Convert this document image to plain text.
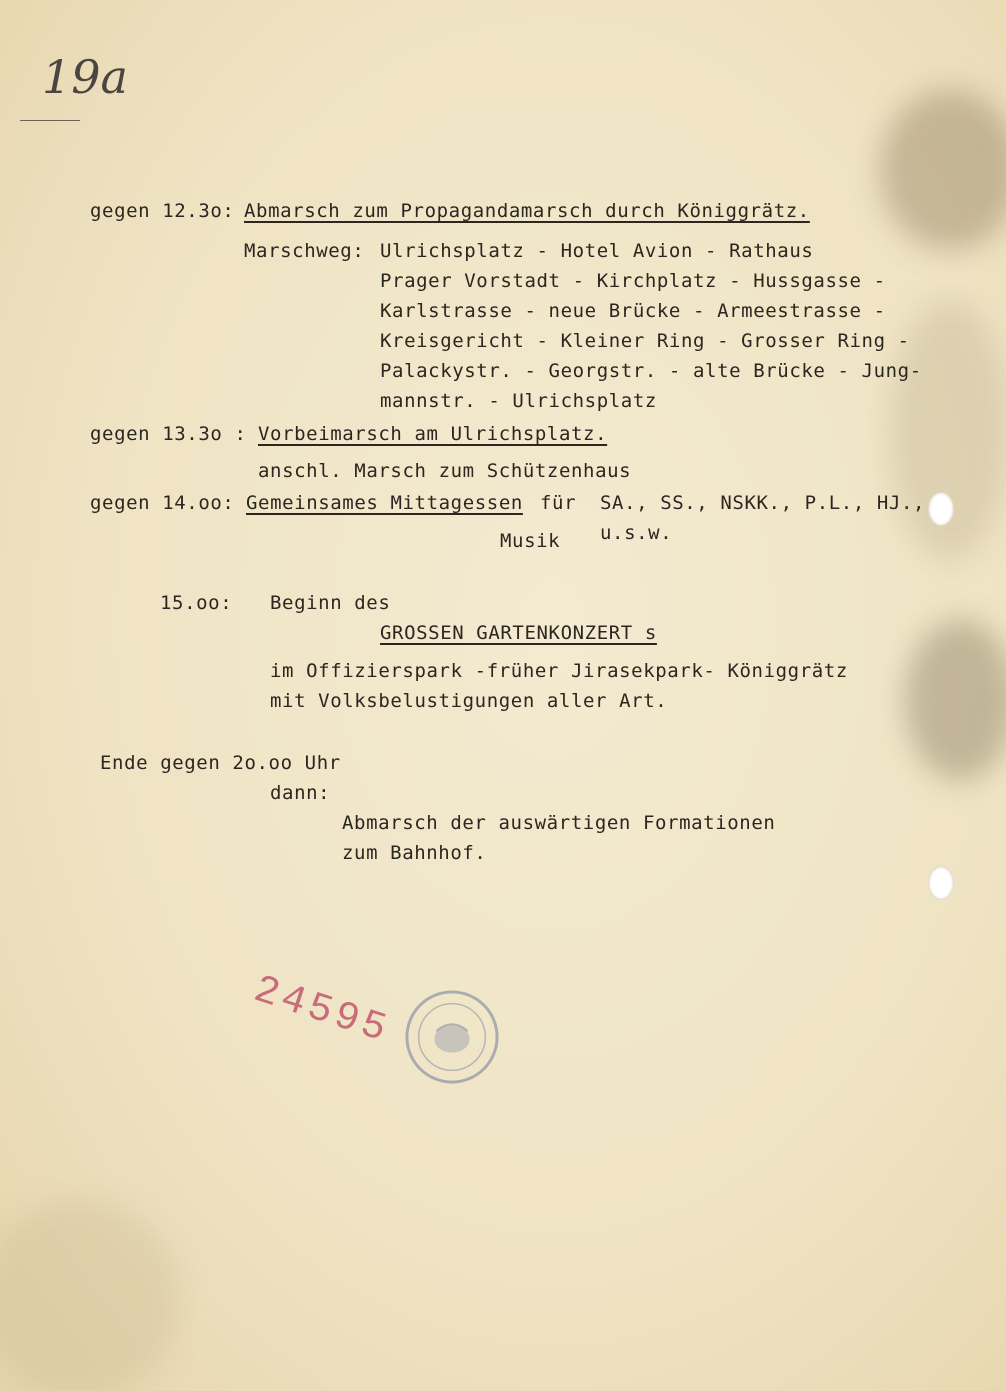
19a
gegen 12.3o: Abmarsch zum Propagandamarsch durch Königgrätz.
Marschweg: Ulrichsplatz - Hotel Avion - Rathaus
Prager Vorstadt - Kirchplatz - Hussgasse -
Karlstrasse - neue Brücke - Armeestrasse -
Kreisgericht - Kleiner Ring - Grosser Ring -
Palackystr. - Georgstr. - alte Brücke - Jung-
mannstr. - Ulrichsplatz
gegen 13.3o : Vorbeimarsch am Ulrichsplatz.
anschl. Marsch zum Schützenhaus
gegen 14.oo: Gemeinsames Mittagessen für SA., SS., NSKK., P.L., HJ.,
u.s.w.
Musik
15.oo: Beginn des
GROSSEN GARTENKONZERT s
im Offizierspark -früher Jirasekpark- Königgrätz
mit Volksbelustigungen aller Art.
Ende gegen 2o.oo Uhr
dann:
Abmarsch der auswärtigen Formationen
zum Bahnhof.
24595
